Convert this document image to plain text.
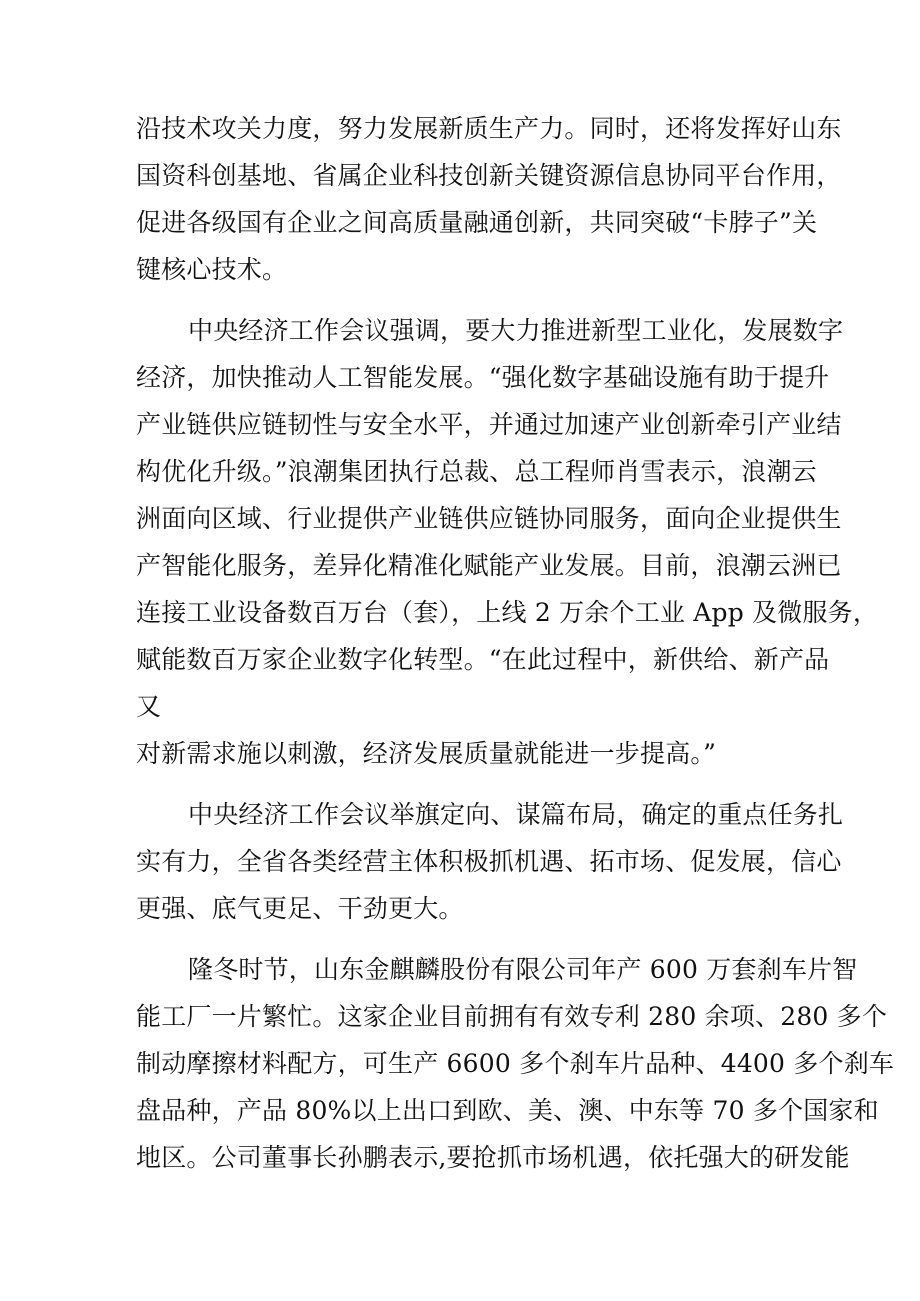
沿技术攻关力度，努力发展新质生产力。同时，还将发挥好山东
国资科创基地、省属企业科技创新关键资源信息协同平台作用，
促进各级国有企业之间高质量融通创新，共同突破“卡脖子”关
键核心技术。
中央经济工作会议强调，要大力推进新型工业化，发展数字
经济，加快推动人工智能发展。“强化数字基础设施有助于提升
产业链供应链韧性与安全水平，并通过加速产业创新牵引产业结
构优化升级。”浪潮集团执行总裁、总工程师肖雪表示，浪潮云
洲面向区域、行业提供产业链供应链协同服务，面向企业提供生
产智能化服务，差异化精准化赋能产业发展。目前，浪潮云洲已
连接工业设备数百万台（套），上线 2 万余个工业 App 及微服务，
赋能数百万家企业数字化转型。“在此过程中，新供给、新产品
又
对新需求施以刺激，经济发展质量就能进一步提高。”
中央经济工作会议举旗定向、谋篇布局，确定的重点任务扎
实有力，全省各类经营主体积极抓机遇、拓市场、促发展，信心
更强、底气更足、干劲更大。
隆冬时节，山东金麒麟股份有限公司年产 600 万套刹车片智
能工厂一片繁忙。这家企业目前拥有有效专利 280 余项、280 多个
制动摩擦材料配方，可生产 6600 多个刹车片品种、4400 多个刹车
盘品种，产品 80%以上出口到欧、美、澳、中东等 70 多个国家和
地区。公司董事长孙鹏表示,要抢抓市场机遇，依托强大的研发能
